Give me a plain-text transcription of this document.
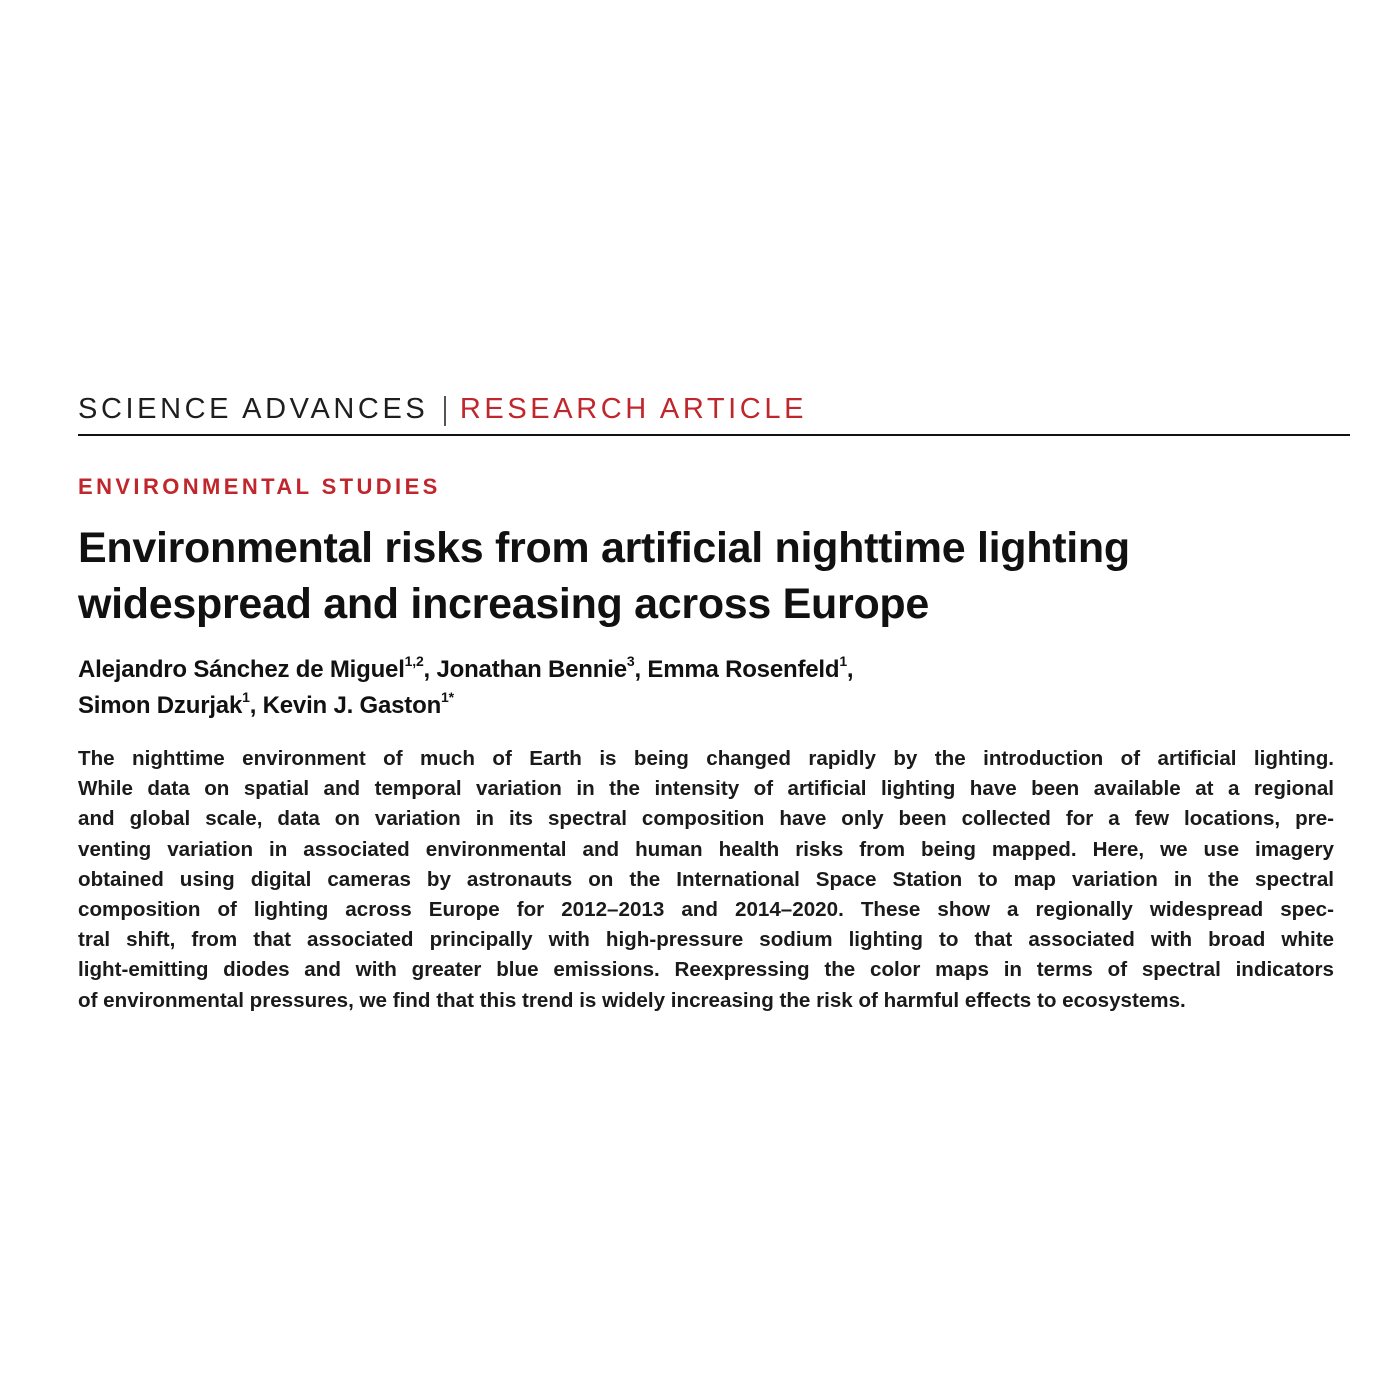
SCIENCE ADVANCES RESEARCH ARTICLE
ENVIRONMENTAL STUDIES
Environmental risks from artificial nighttime lighting
widespread and increasing across Europe
Alejandro Sánchez de Miguel$^{1,2}$, Jonathan Bennie$^3$, Emma Rosenfeld$^1$,
Simon Dzurjak$^1$, Kevin J. Gaston$^{1*}$
The nighttime environment of much of Earth is being changed rapidly by the introduction of artificial lighting.
While data on spatial and temporal variation in the intensity of artificial lighting have been available at a regional
and global scale, data on variation in its spectral composition have only been collected for a few locations, pre-
venting variation in associated environmental and human health risks from being mapped. Here, we use imagery
obtained using digital cameras by astronauts on the International Space Station to map variation in the spectral
composition of lighting across Europe for 2012–2013 and 2014–2020. These show a regionally widespread spec-
tral shift, from that associated principally with high-pressure sodium lighting to that associated with broad white
light-emitting diodes and with greater blue emissions. Reexpressing the color maps in terms of spectral indicators
of environmental pressures, we find that this trend is widely increasing the risk of harmful effects to ecosystems.
